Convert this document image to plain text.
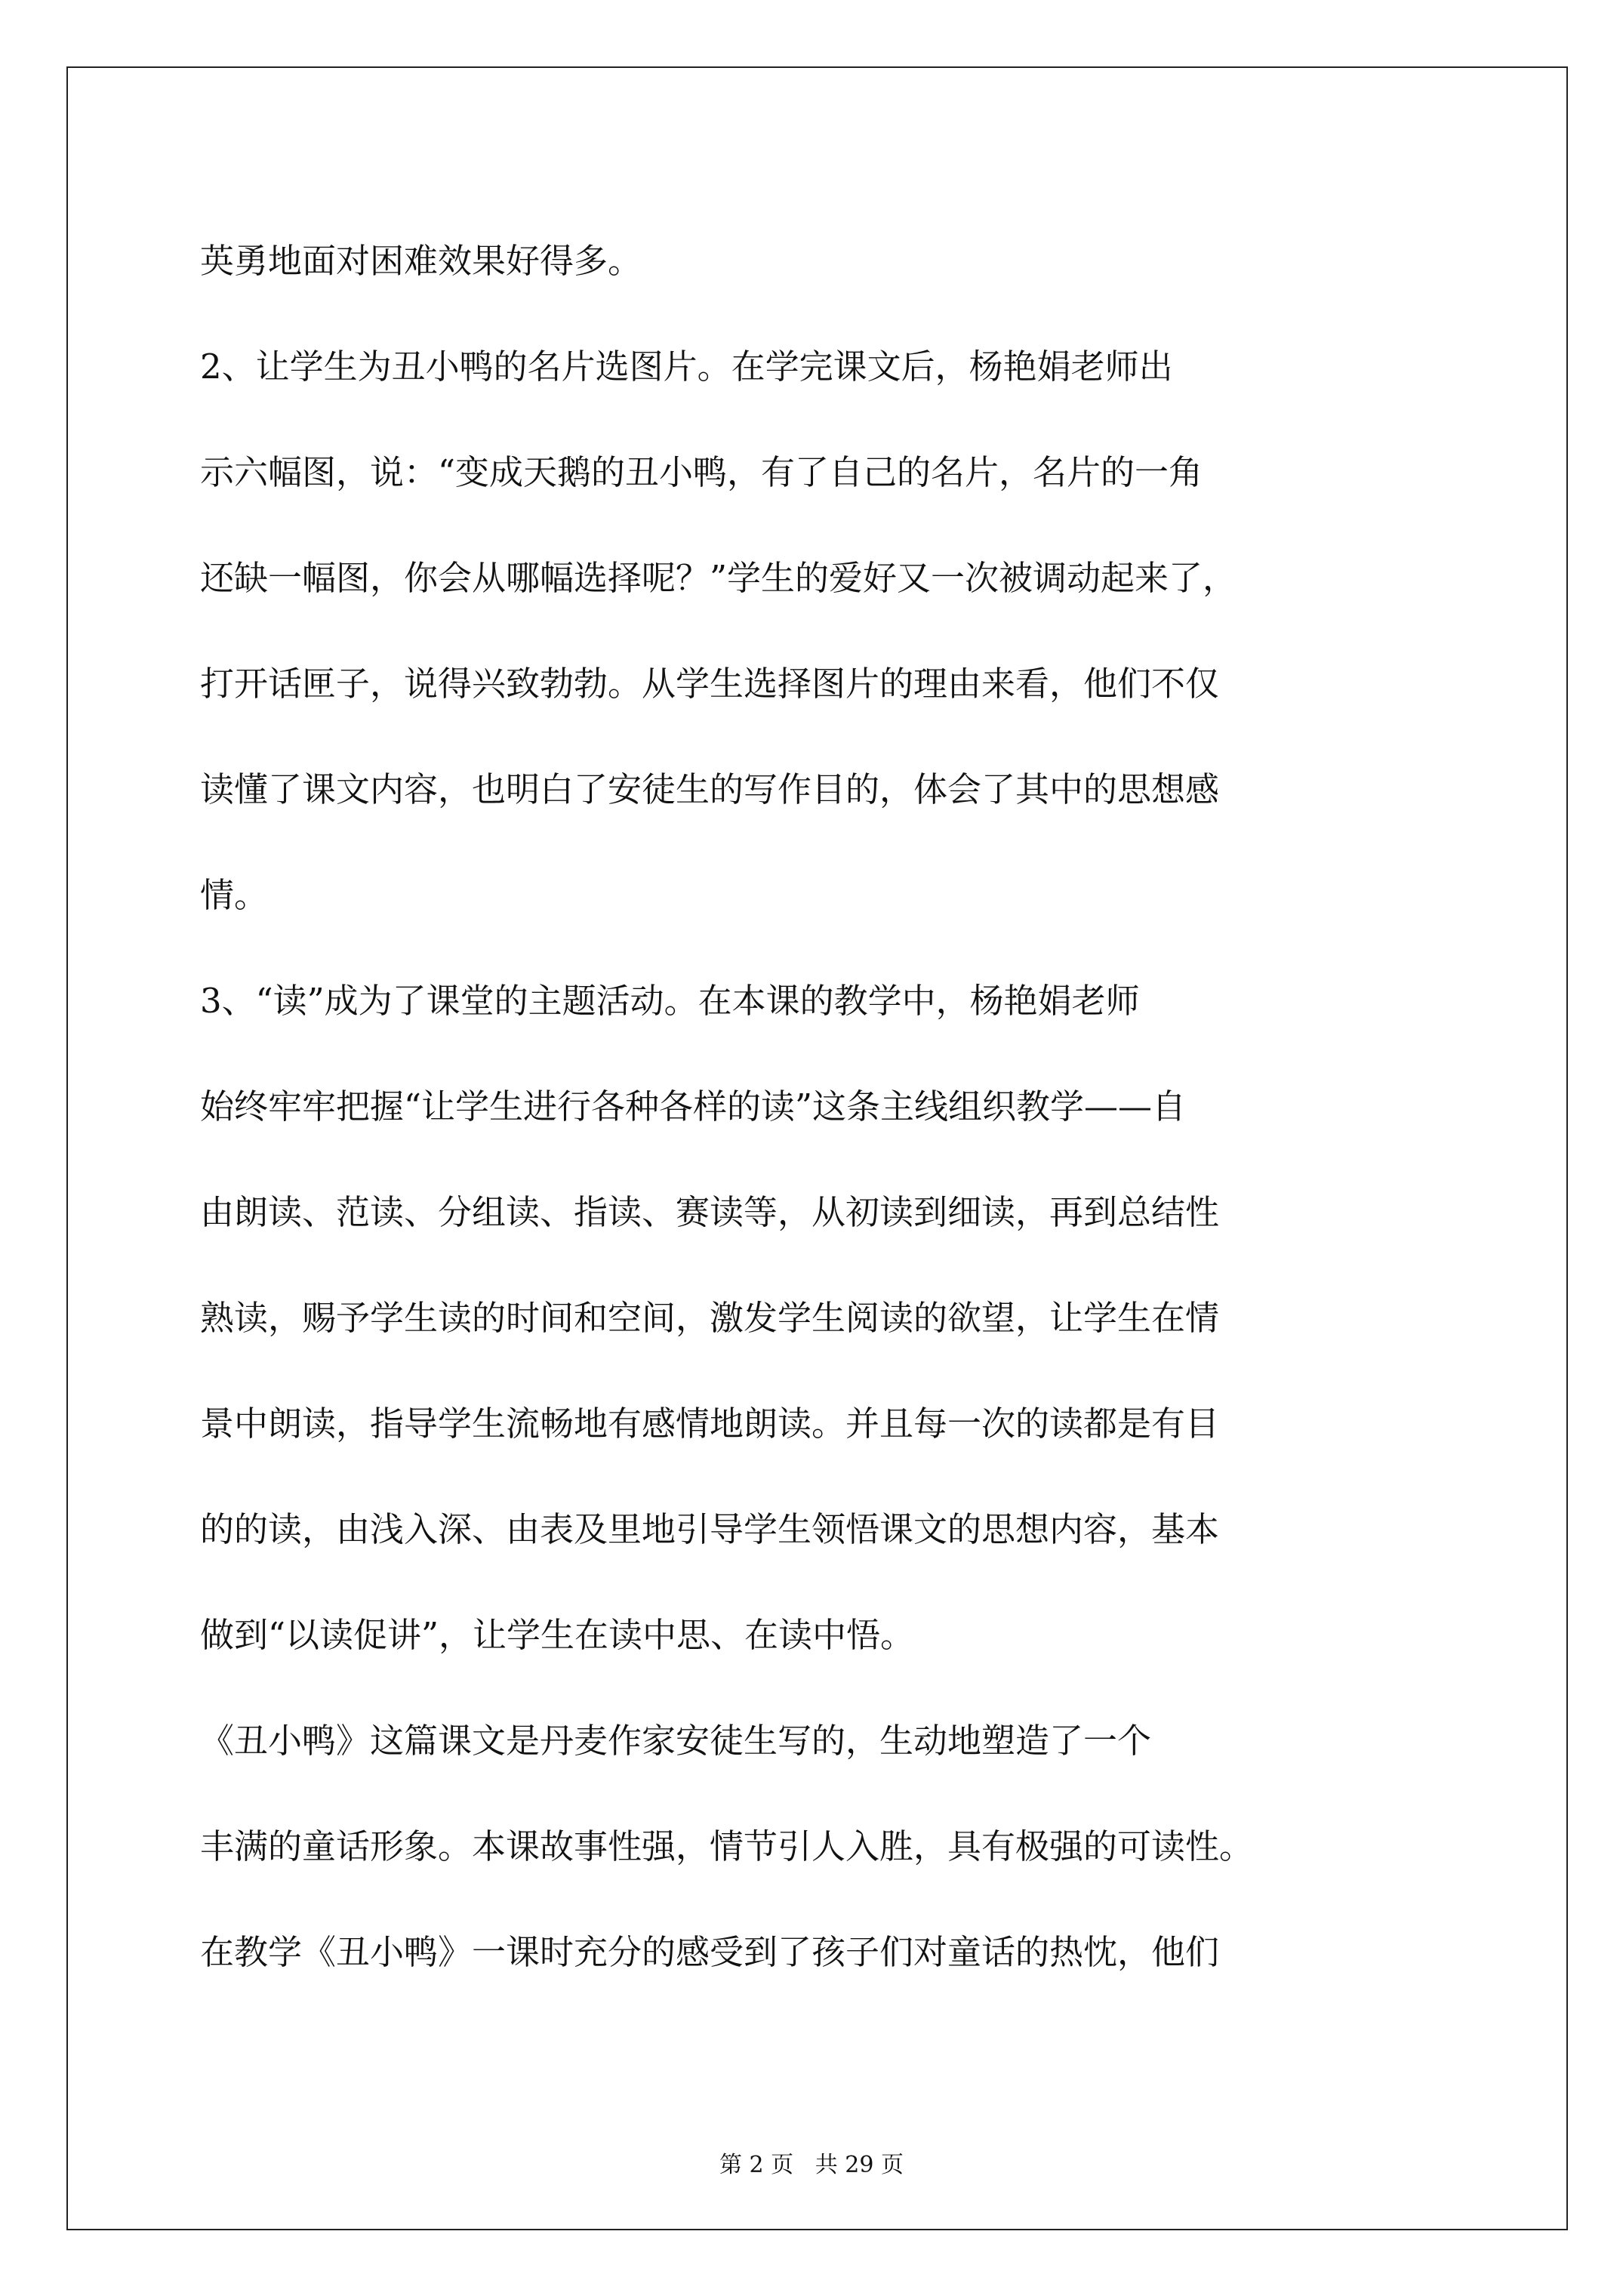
英勇地面对困难效果好得多。

2、让学生为丑小鸭的名片选图片。在学完课文后，杨艳娟老师出

示六幅图，说：“变成天鹅的丑小鸭，有了自己的名片，名片的一角

还缺一幅图，你会从哪幅选择呢？”学生的爱好又一次被调动起来了，

打开话匣子，说得兴致勃勃。从学生选择图片的理由来看，他们不仅

读懂了课文内容，也明白了安徒生的写作目的，体会了其中的思想感

情。

3、“读”成为了课堂的主题活动。在本课的教学中，杨艳娟老师

始终牢牢把握“让学生进行各种各样的读”这条主线组织教学——自

由朗读、范读、分组读、指读、赛读等，从初读到细读，再到总结性

熟读，赐予学生读的时间和空间，激发学生阅读的欲望，让学生在情

景中朗读，指导学生流畅地有感情地朗读。并且每一次的读都是有目

的的读，由浅入深、由表及里地引导学生领悟课文的思想内容，基本

做到“以读促讲”，让学生在读中思、在读中悟。

《丑小鸭》这篇课文是丹麦作家安徒生写的，生动地塑造了一个

丰满的童话形象。本课故事性强，情节引人入胜，具有极强的可读性。

在教学《丑小鸭》一课时充分的感受到了孩子们对童话的热忱，他们

第 2 页   共 29 页
